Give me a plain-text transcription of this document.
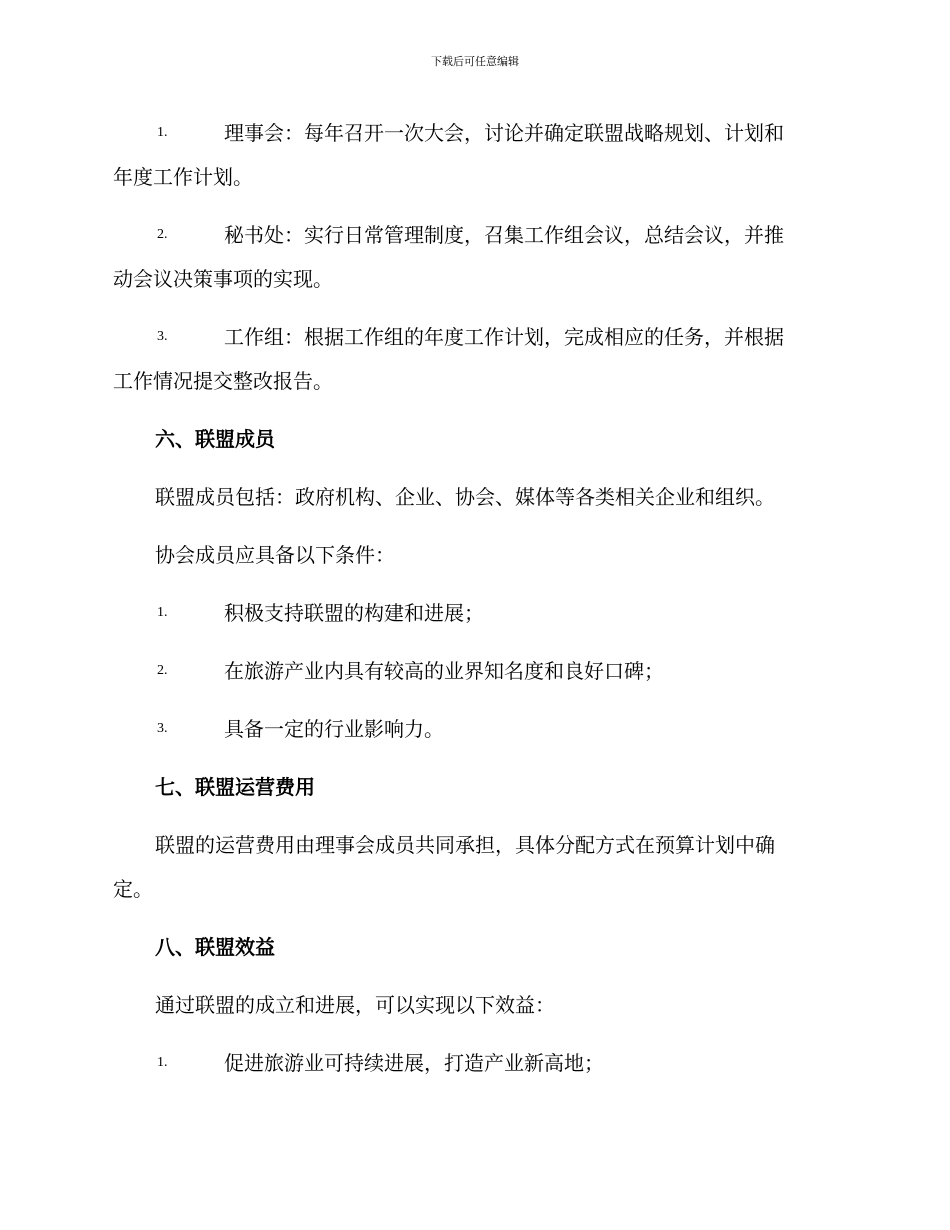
下载后可任意编辑
1.	理事会：每年召开一次大会，讨论并确定联盟战略规划、计划和
年度工作计划。
2.	秘书处：实行日常管理制度，召集工作组会议，总结会议，并推
动会议决策事项的实现。
3.	工作组：根据工作组的年度工作计划，完成相应的任务，并根据
工作情况提交整改报告。
六、联盟成员
联盟成员包括：政府机构、企业、协会、媒体等各类相关企业和组织。
协会成员应具备以下条件：
1.	积极支持联盟的构建和进展；
2.	在旅游产业内具有较高的业界知名度和良好口碑；
3.	具备一定的行业影响力。
七、联盟运营费用
联盟的运营费用由理事会成员共同承担，具体分配方式在预算计划中确
定。
八、联盟效益
通过联盟的成立和进展，可以实现以下效益：
1.	促进旅游业可持续进展，打造产业新高地；
